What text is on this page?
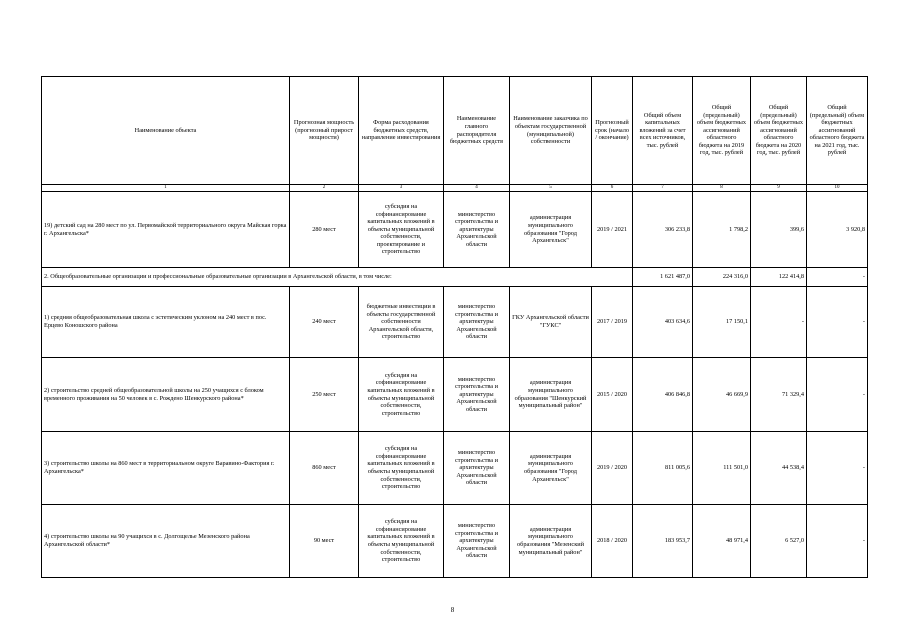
Наименование объекта	Прогнозная мощность (прогнозный прирост мощности)	Форма расходования бюджетных средств, направление инвестирования	Наименование главного распорядителя бюджетных средств	Наименование заказчика по объектам государственной (муниципальной) собственности	Прогнозный срок (начало / окончание)	Общий объем капитальных вложений за счет всех источников, тыс. рублей	Общий (предельный) объем бюджетных ассигнований областного бюджета на 2019 год, тыс. рублей	Общий (предельный) объем бюджетных ассигнований областного бюджета на 2020 год, тыс. рублей	Общий (предельный) объем бюджетных ассигнований областного бюджета на 2021 год, тыс. рублей
1	2	3	4	5	6	7	8	9	10
19) детский сад на 280 мест по ул. Первомайской территориального округа Майская горка г. Архангельска*	280 мест	субсидия на софинансирование капитальных вложений в объекты муниципальной собственности, проектирование и строительство	министерство строительства и архитектуры Архангельской области	администрация муниципального образования "Город Архангельск"	2019 / 2021	306 233,8	1 798,2	399,6	3 920,8
2. Общеобразовательные организации и профессиональные образовательные организации в Архангельской области, в том числе:						1 621 487,0	224 316,0	122 414,8	-
1) средняя общеобразовательная школа с эстетическим уклоном на 240 мест в пос. Ерцево Коношского района	240 мест	бюджетные инвестиции в объекты государственной собственности Архангельской области, строительство	министерство строительства и архитектуры Архангельской области	ГКУ Архангельской области "ГУКС"	2017 / 2019	403 634,6	17 150,1	-	-
2) строительство средней общеобразовательной школы на 250 учащихся с блоком временного проживания на 50 человек в с. Рождено Шенкурского района*	250 мест	субсидия на софинансирование капитальных вложений в объекты муниципальной собственности, строительство	министерство строительства и архитектуры Архангельской области	администрация муниципального образования "Шенкурский муниципальный район"	2015 / 2020	406 846,8	46 669,9	71 329,4	-
3) строительство школы на 860 мест в территориальном округе Варавино-Фактория г. Архангельска*	860 мест	субсидия на софинансирование капитальных вложений в объекты муниципальной собственности, строительство	министерство строительства и архитектуры Архангельской области	администрация муниципального образования "Город Архангельск"	2019 / 2020	811 005,6	111 501,0	44 538,4	-
4) строительство школы на 90 учащихся в с. Долгощелье Мезенского района Архангельской области*	90 мест	субсидия на софинансирование капитальных вложений в объекты муниципальной собственности, строительство	министерство строительства и архитектуры Архангельской области	администрация муниципального образования "Мезенский муниципальный район"	2018 / 2020	183 953,7	48 971,4	6 527,0	-
8
